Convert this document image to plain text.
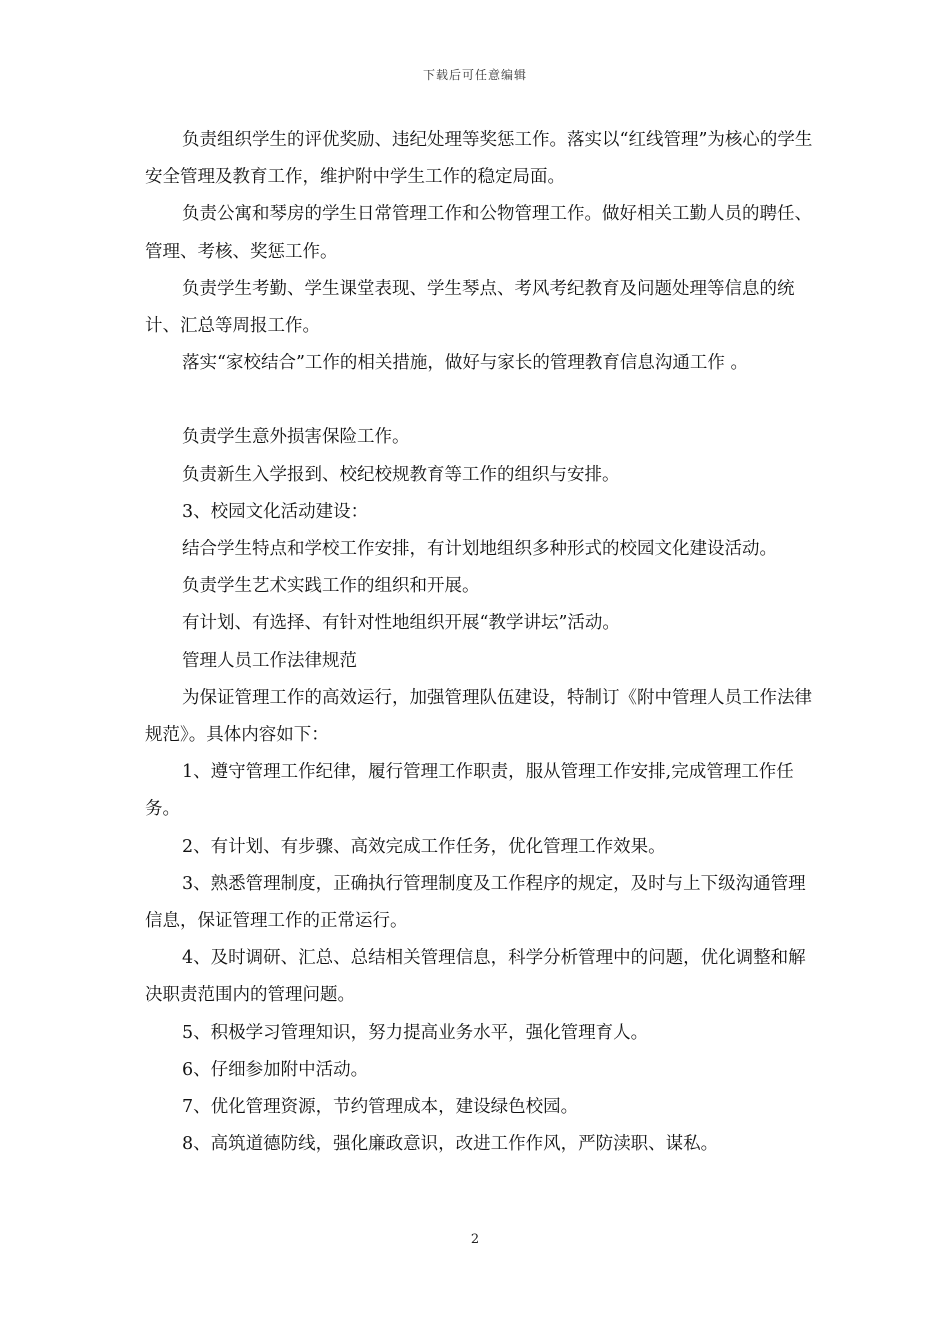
下载后可任意编辑

负责组织学生的评优奖励、违纪处理等奖惩工作。落实以“红线管理”为核心的学生安全管理及教育工作，维护附中学生工作的稳定局面。

负责公寓和琴房的学生日常管理工作和公物管理工作。做好相关工勤人员的聘任、管理、考核、奖惩工作。

负责学生考勤、学生课堂表现、学生琴点、考风考纪教育及问题处理等信息的统计、汇总等周报工作。

落实“家校结合”工作的相关措施，做好与家长的管理教育信息沟通工作 。

负责学生意外损害保险工作。

负责新生入学报到、校纪校规教育等工作的组织与安排。

3、校园文化活动建设：

结合学生特点和学校工作安排，有计划地组织多种形式的校园文化建设活动。

负责学生艺术实践工作的组织和开展。

有计划、有选择、有针对性地组织开展“教学讲坛”活动。

管理人员工作法律规范

为保证管理工作的高效运行，加强管理队伍建设，特制订《附中管理人员工作法律规范》。具体内容如下：

1、遵守管理工作纪律，履行管理工作职责，服从管理工作安排,完成管理工作任务。

2、有计划、有步骤、高效完成工作任务，优化管理工作效果。

3、熟悉管理制度，正确执行管理制度及工作程序的规定，及时与上下级沟通管理信息，保证管理工作的正常运行。

4、及时调研、汇总、总结相关管理信息，科学分析管理中的问题，优化调整和解决职责范围内的管理问题。

5、积极学习管理知识，努力提高业务水平，强化管理育人。

6、仔细参加附中活动。

7、优化管理资源，节约管理成本，建设绿色校园。

8、高筑道德防线，强化廉政意识，改进工作作风，严防渎职、谋私。

2
